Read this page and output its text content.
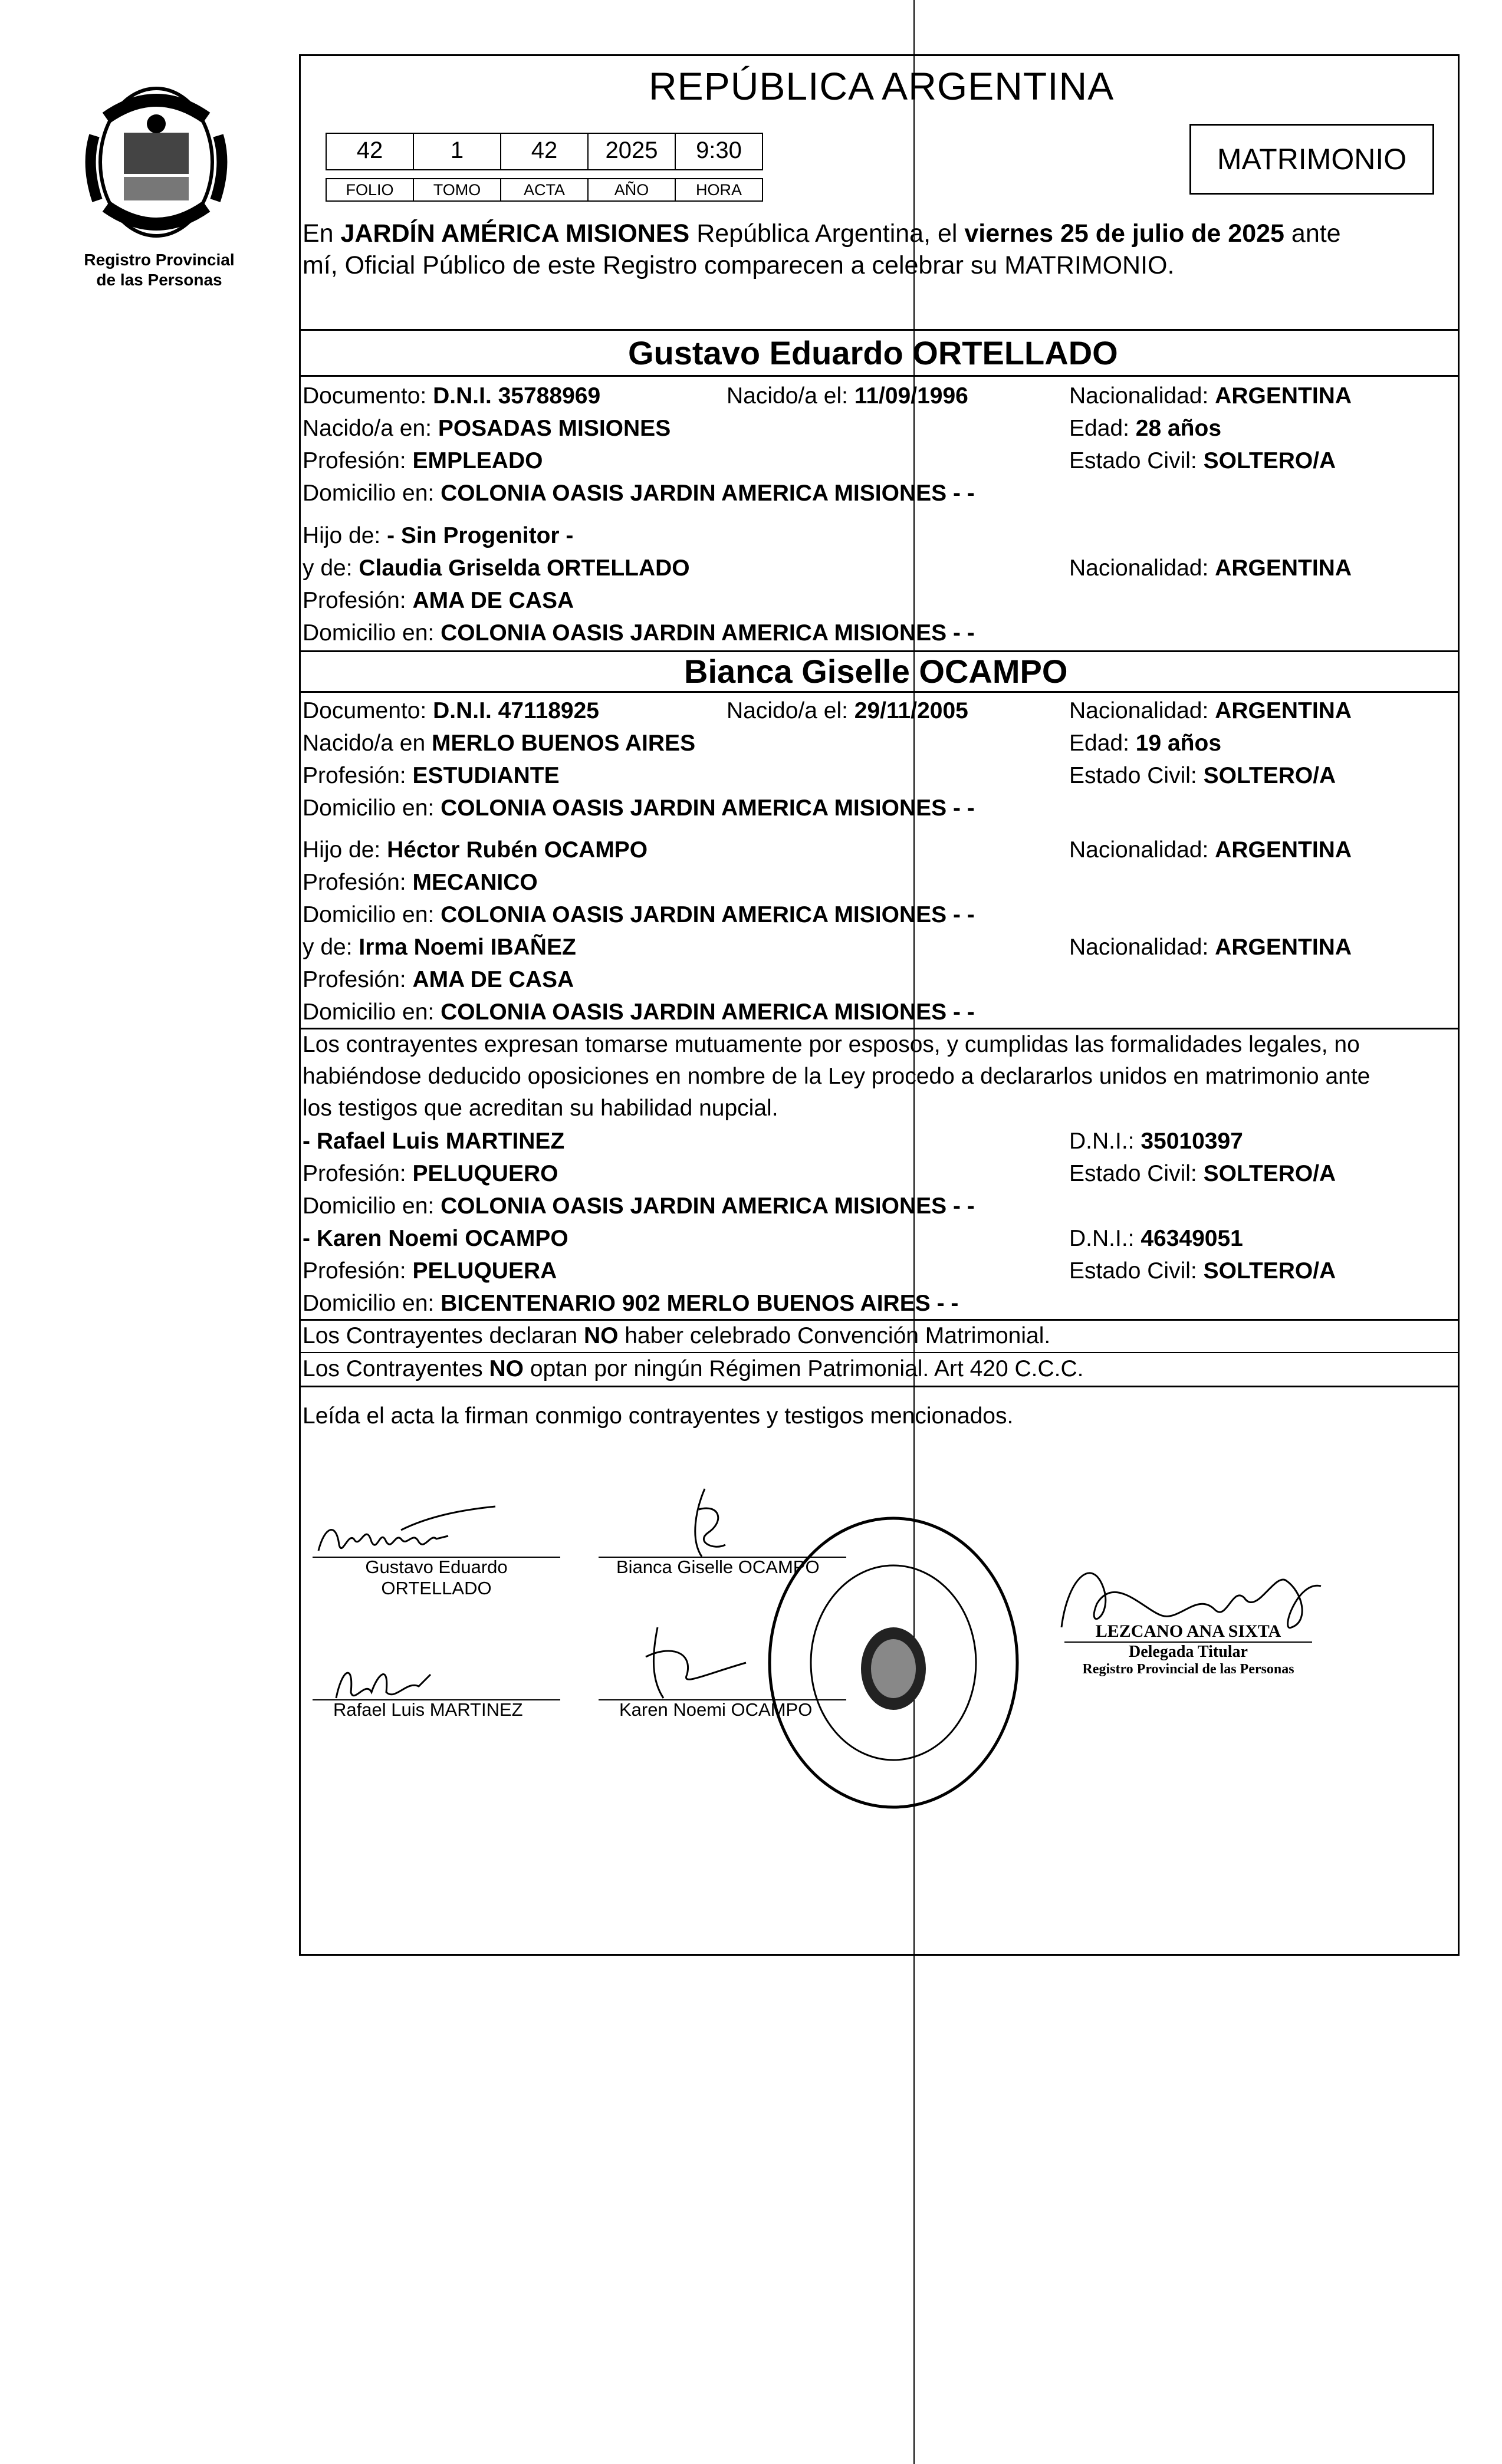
Registro Provincial
de las Personas
REPÚBLICA ARGENTINA
42	1	42	2025	9:30
FOLIO	TOMO	ACTA	AÑO	HORA
MATRIMONIO
En JARDÍN AMÉRICA MISIONES República Argentina, el viernes 25 de julio de 2025 ante
mí, Oficial Público de este Registro comparecen a celebrar su MATRIMONIO.
Gustavo Eduardo ORTELLADO
Documento: D.N.I. 35788969	Nacido/a el: 11/09/1996	Nacionalidad: ARGENTINA
Nacido/a en: POSADAS MISIONES	Edad: 28 años
Profesión: EMPLEADO	Estado Civil: SOLTERO/A
Domicilio en: COLONIA OASIS JARDIN AMERICA MISIONES - -
Hijo de: - Sin Progenitor -
y de: Claudia Griselda ORTELLADO	Nacionalidad: ARGENTINA
Profesión: AMA DE CASA
Domicilio en: COLONIA OASIS JARDIN AMERICA MISIONES - -
Bianca Giselle OCAMPO
Documento: D.N.I. 47118925	Nacido/a el: 29/11/2005	Nacionalidad: ARGENTINA
Nacido/a en MERLO BUENOS AIRES	Edad: 19 años
Profesión: ESTUDIANTE	Estado Civil: SOLTERO/A
Domicilio en: COLONIA OASIS JARDIN AMERICA MISIONES - -
Hijo de: Héctor Rubén OCAMPO	Nacionalidad: ARGENTINA
Profesión: MECANICO
Domicilio en: COLONIA OASIS JARDIN AMERICA MISIONES - -
y de: Irma Noemi IBAÑEZ	Nacionalidad: ARGENTINA
Profesión: AMA DE CASA
Domicilio en: COLONIA OASIS JARDIN AMERICA MISIONES - -
Los contrayentes expresan tomarse mutuamente por esposos, y cumplidas las formalidades legales, no
habiéndose deducido oposiciones en nombre de la Ley procedo a declararlos unidos en matrimonio ante
los testigos que acreditan su habilidad nupcial.
- Rafael Luis MARTINEZ	D.N.I.: 35010397
Profesión: PELUQUERO	Estado Civil: SOLTERO/A
Domicilio en: COLONIA OASIS JARDIN AMERICA MISIONES - -
- Karen Noemi OCAMPO	D.N.I.: 46349051
Profesión: PELUQUERA	Estado Civil: SOLTERO/A
Domicilio en: BICENTENARIO 902 MERLO BUENOS AIRES - -
Los Contrayentes declaran NO haber celebrado Convención Matrimonial.
Los Contrayentes NO optan por ningún Régimen Patrimonial. Art 420 C.C.C.
Leída el acta la firman conmigo contrayentes y testigos mencionados.
Gustavo Eduardo
ORTELLADO
Bianca Giselle OCAMPO
Rafael Luis MARTINEZ	Karen Noemi OCAMPO
LEZCANO ANA SIXTA
Delegada Titular
Registro Provincial de las Personas
